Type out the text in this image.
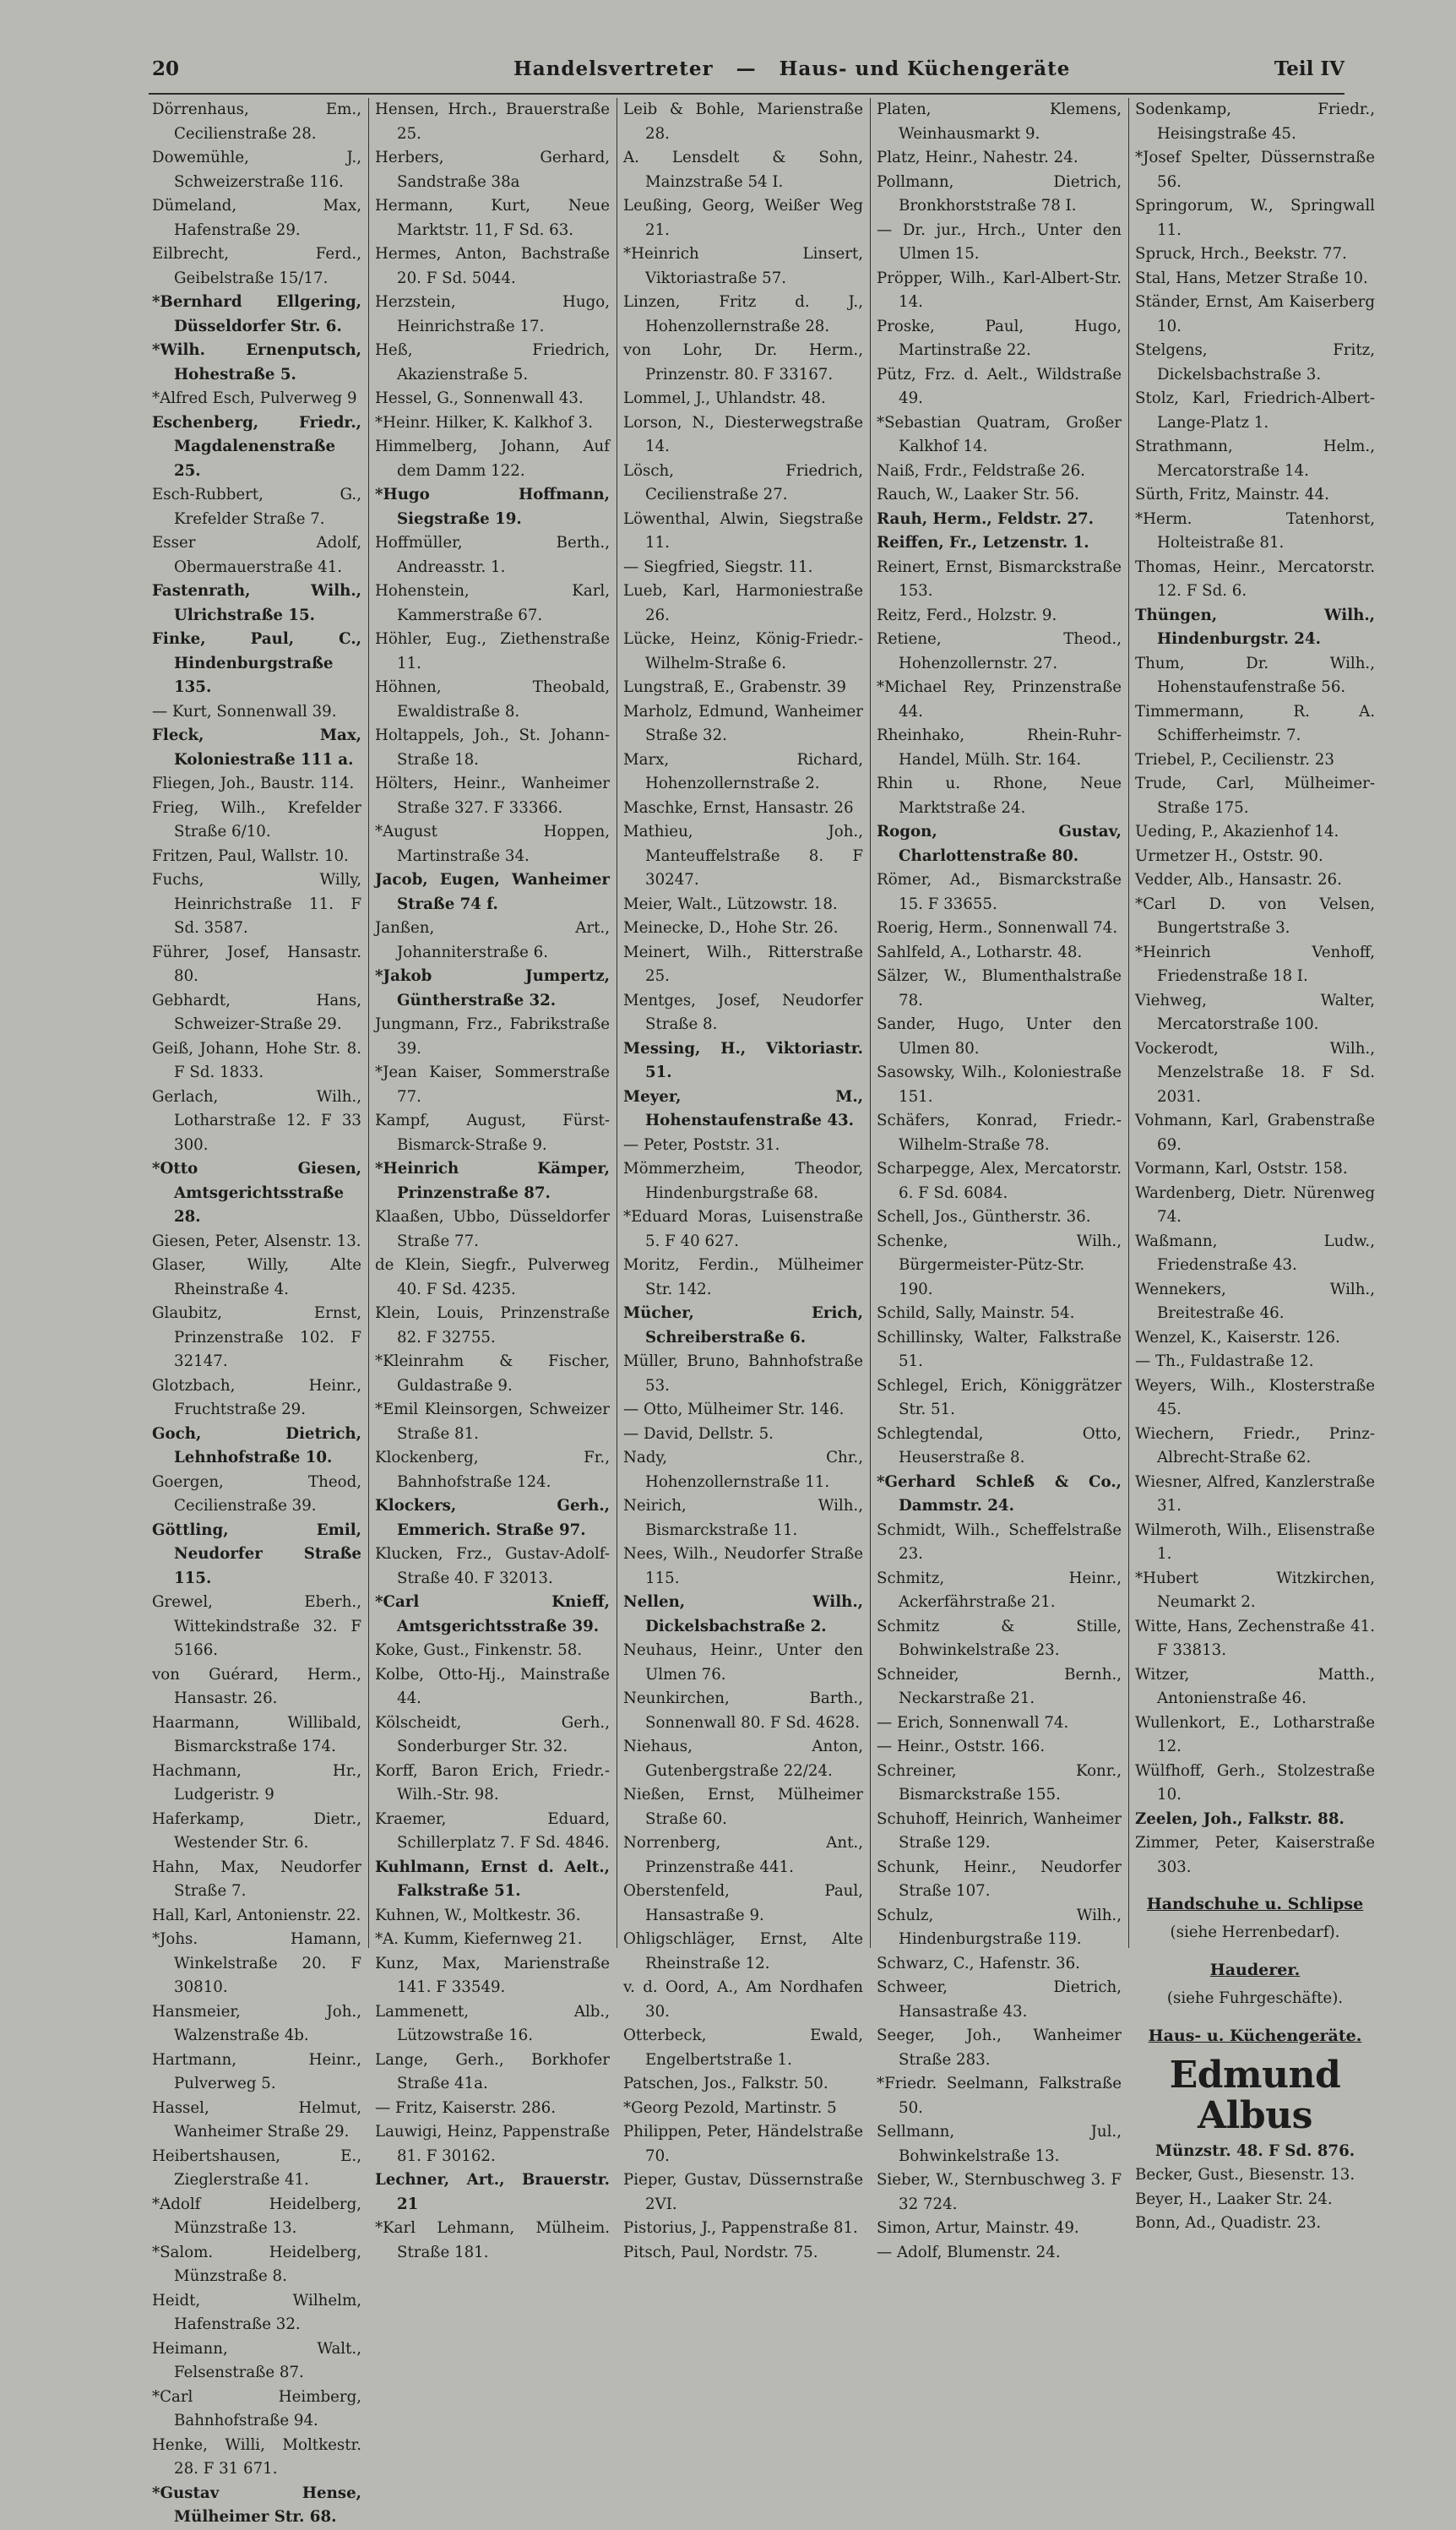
20	Handelsvertreter — Haus- und Küchengeräte	Teil IV

Dörrenhaus, Em., Cecilienstraße 28.

Dowemühle, J., Schweizerstraße 116.

Dümeland, Max, Hafenstraße 29.

Eilbrecht, Ferd., Geibelstraße 15/17.

*Bernhard Ellgering, Düsseldorfer Str. 6.

*Wilh. Ernenputsch, Hohestraße 5.

*Alfred Esch, Pulverweg 9

Eschenberg, Friedr., Magdalenenstraße 25.

Esch-Rubbert, G., Krefelder Straße 7.

Esser Adolf, Obermauerstraße 41.

Fastenrath, Wilh., Ulrichstraße 15.

Finke, Paul, C., Hindenburgstraße 135.

— Kurt, Sonnenwall 39.

Fleck, Max, Koloniestraße 111 a.

Fliegen, Joh., Baustr. 114.

Frieg, Wilh., Krefelder Straße 6/10.

Fritzen, Paul, Wallstr. 10.

Fuchs, Willy, Heinrichstraße 11. F Sd. 3587.

Führer, Josef, Hansastr. 80.

Gebhardt, Hans, Schweizer-Straße 29.

Geiß, Johann, Hohe Str. 8. F Sd. 1833.

Gerlach, Wilh., Lotharstraße 12. F 33 300.

*Otto Giesen, Amtsgerichtsstraße 28.

Giesen, Peter, Alsenstr. 13.

Glaser, Willy, Alte Rheinstraße 4.

Glaubitz, Ernst, Prinzenstraße 102. F 32147.

Glotzbach, Heinr., Fruchtstraße 29.

Goch, Dietrich, Lehnhofstraße 10.

Goergen, Theod, Cecilienstraße 39.

Göttling, Emil, Neudorfer Straße 115.

Grewel, Eberh., Wittekindstraße 32. F 5166.

von Guérard, Herm., Hansastr. 26.

Haarmann, Willibald, Bismarckstraße 174.

Hachmann, Hr., Ludgeristr. 9

Haferkamp, Dietr., Westender Str. 6.

Hahn, Max, Neudorfer Straße 7.

Hall, Karl, Antonienstr. 22.

*Johs. Hamann, Winkelstraße 20. F 30810.

Hansmeier, Joh., Walzenstraße 4b.

Hartmann, Heinr., Pulverweg 5.

Hassel, Helmut, Wanheimer Straße 29.

Heibertshausen, E., Zieglerstraße 41.

*Adolf Heidelberg, Münzstraße 13.

*Salom. Heidelberg, Münzstraße 8.

Heidt, Wilhelm, Hafenstraße 32.

Heimann, Walt., Felsenstraße 87.

*Carl Heimberg, Bahnhofstraße 94.

Henke, Willi, Moltkestr. 28. F 31 671.

*Gustav Hense, Mülheimer Str. 68.

Hensen, Hrch., Brauerstraße 25.

Herbers, Gerhard, Sandstraße 38a

Hermann, Kurt, Neue Marktstr. 11, F Sd. 63.

Hermes, Anton, Bachstraße 20. F Sd. 5044.

Herzstein, Hugo, Heinrichstraße 17.

Heß, Friedrich, Akazienstraße 5.

Hessel, G., Sonnenwall 43.

*Heinr. Hilker, K. Kalkhof 3.

Himmelberg, Johann, Auf dem Damm 122.

*Hugo Hoffmann, Siegstraße 19.

Hoffmüller, Berth., Andreasstr. 1.

Hohenstein, Karl, Kammerstraße 67.

Höhler, Eug., Ziethenstraße 11.

Höhnen, Theobald, Ewaldistraße 8.

Holtappels, Joh., St. Johann-Straße 18.

Hölters, Heinr., Wanheimer Straße 327. F 33366.

*August Hoppen, Martinstraße 34.

Jacob, Eugen, Wanheimer Straße 74 f.

Janßen, Art., Johanniterstraße 6.

*Jakob Jumpertz, Güntherstraße 32.

Jungmann, Frz., Fabrikstraße 39.

*Jean Kaiser, Sommerstraße 77.

Kampf, August, Fürst-Bismarck-Straße 9.

*Heinrich Kämper, Prinzenstraße 87.

Klaaßen, Ubbo, Düsseldorfer Straße 77.

de Klein, Siegfr., Pulverweg 40. F Sd. 4235.

Klein, Louis, Prinzenstraße 82. F 32755.

*Kleinrahm & Fischer, Guldastraße 9.

*Emil Kleinsorgen, Schweizer Straße 81.

Klockenberg, Fr., Bahnhofstraße 124.

Klockers, Gerh., Emmerich. Straße 97.

Klucken, Frz., Gustav-Adolf-Straße 40. F 32013.

*Carl Knieff, Amtsgerichtsstraße 39.

Koke, Gust., Finkenstr. 58.

Kolbe, Otto-Hj., Mainstraße 44.

Kölscheidt, Gerh., Sonderburger Str. 32.

Korff, Baron Erich, Friedr.-Wilh.-Str. 98.

Kraemer, Eduard, Schillerplatz 7. F Sd. 4846.

Kuhlmann, Ernst d. Aelt., Falkstraße 51.

Kuhnen, W., Moltkestr. 36.

*A. Kumm, Kiefernweg 21.

Kunz, Max, Marienstraße 141. F 33549.

Lammenett, Alb., Lützowstraße 16.

Lange, Gerh., Borkhofer Straße 41a.

— Fritz, Kaiserstr. 286.

Lauwigi, Heinz, Pappenstraße 81. F 30162.

Lechner, Art., Brauerstr. 21

*Karl Lehmann, Mülheim. Straße 181.

Leib & Bohle, Marienstraße 28.

A. Lensdelt & Sohn, Mainzstraße 54 I.

Leußing, Georg, Weißer Weg 21.

*Heinrich Linsert, Viktoriastraße 57.

Linzen, Fritz d. J., Hohenzollernstraße 28.

von Lohr, Dr. Herm., Prinzenstr. 80. F 33167.

Lommel, J., Uhlandstr. 48.

Lorson, N., Diesterwegstraße 14.

Lösch, Friedrich, Cecilienstraße 27.

Löwenthal, Alwin, Siegstraße 11.

— Siegfried, Siegstr. 11.

Lueb, Karl, Harmoniestraße 26.

Lücke, Heinz, König-Friedr.-Wilhelm-Straße 6.

Lungstraß, E., Grabenstr. 39

Marholz, Edmund, Wanheimer Straße 32.

Marx, Richard, Hohenzollernstraße 2.

Maschke, Ernst, Hansastr. 26

Mathieu, Joh., Manteuffelstraße 8. F 30247.

Meier, Walt., Lützowstr. 18.

Meinecke, D., Hohe Str. 26.

Meinert, Wilh., Ritterstraße 25.

Mentges, Josef, Neudorfer Straße 8.

Messing, H., Viktoriastr. 51.

Meyer, M., Hohenstaufenstraße 43.

— Peter, Poststr. 31.

Mömmerzheim, Theodor, Hindenburgstraße 68.

*Eduard Moras, Luisenstraße 5. F 40 627.

Moritz, Ferdin., Mülheimer Str. 142.

Mücher, Erich, Schreiberstraße 6.

Müller, Bruno, Bahnhofstraße 53.

— Otto, Mülheimer Str. 146.

— David, Dellstr. 5.

Nady, Chr., Hohenzollernstraße 11.

Neirich, Wilh., Bismarckstraße 11.

Nees, Wilh., Neudorfer Straße 115.

Nellen, Wilh., Dickelsbachstraße 2.

Neuhaus, Heinr., Unter den Ulmen 76.

Neunkirchen, Barth., Sonnenwall 80. F Sd. 4628.

Niehaus, Anton, Gutenbergstraße 22/24.

Nießen, Ernst, Mülheimer Straße 60.

Norrenberg, Ant., Prinzenstraße 441.

Oberstenfeld, Paul, Hansastraße 9.

Ohligschläger, Ernst, Alte Rheinstraße 12.

v. d. Oord, A., Am Nordhafen 30.

Otterbeck, Ewald, Engelbertstraße 1.

Patschen, Jos., Falkstr. 50.

*Georg Pezold, Martinstr. 5

Philippen, Peter, Händelstraße 70.

Pieper, Gustav, Düssernstraße 2VI.

Pistorius, J., Pappenstraße 81.

Pitsch, Paul, Nordstr. 75.

Platen, Klemens, Weinhausmarkt 9.

Platz, Heinr., Nahestr. 24.

Pollmann, Dietrich, Bronkhorststraße 78 I.

— Dr. jur., Hrch., Unter den Ulmen 15.

Pröpper, Wilh., Karl-Albert-Str. 14.

Proske, Paul, Hugo, Martinstraße 22.

Pütz, Frz. d. Aelt., Wildstraße 49.

*Sebastian Quatram, Großer Kalkhof 14.

Naiß, Frdr., Feldstraße 26.

Rauch, W., Laaker Str. 56.

Rauh, Herm., Feldstr. 27.

Reiffen, Fr., Letzenstr. 1.

Reinert, Ernst, Bismarckstraße 153.

Reitz, Ferd., Holzstr. 9.

Retiene, Theod., Hohenzollernstr. 27.

*Michael Rey, Prinzenstraße 44.

Rheinhako, Rhein-Ruhr-Handel, Mülh. Str. 164.

Rhin u. Rhone, Neue Marktstraße 24.

Rogon, Gustav, Charlottenstraße 80.

Römer, Ad., Bismarckstraße 15. F 33655.

Roerig, Herm., Sonnenwall 74.

Sahlfeld, A., Lotharstr. 48.

Sälzer, W., Blumenthalstraße 78.

Sander, Hugo, Unter den Ulmen 80.

Sasowsky, Wilh., Koloniestraße 151.

Schäfers, Konrad, Friedr.-Wilhelm-Straße 78.

Scharpegge, Alex, Mercatorstr. 6. F Sd. 6084.

Schell, Jos., Güntherstr. 36.

Schenke, Wilh., Bürgermeister-Pütz-Str. 190.

Schild, Sally, Mainstr. 54.

Schillinsky, Walter, Falkstraße 51.

Schlegel, Erich, Königgrätzer Str. 51.

Schlegtendal, Otto, Heuserstraße 8.

*Gerhard Schleß & Co., Dammstr. 24.

Schmidt, Wilh., Scheffelstraße 23.

Schmitz, Heinr., Ackerfährstraße 21.

Schmitz & Stille, Bohwinkelstraße 23.

Schneider, Bernh., Neckarstraße 21.

— Erich, Sonnenwall 74.

— Heinr., Oststr. 166.

Schreiner, Konr., Bismarckstraße 155.

Schuhoff, Heinrich, Wanheimer Straße 129.

Schunk, Heinr., Neudorfer Straße 107.

Schulz, Wilh., Hindenburgstraße 119.

Schwarz, C., Hafenstr. 36.

Schweer, Dietrich, Hansastraße 43.

Seeger, Joh., Wanheimer Straße 283.

*Friedr. Seelmann, Falkstraße 50.

Sellmann, Jul., Bohwinkelstraße 13.

Sieber, W., Sternbuschweg 3. F 32 724.

Simon, Artur, Mainstr. 49.

— Adolf, Blumenstr. 24.

Sodenkamp, Friedr., Heisingstraße 45.

*Josef Spelter, Düssernstraße 56.

Springorum, W., Springwall 11.

Spruck, Hrch., Beekstr. 77.

Stal, Hans, Metzer Straße 10.

Ständer, Ernst, Am Kaiserberg 10.

Stelgens, Fritz, Dickelsbachstraße 3.

Stolz, Karl, Friedrich-Albert-Lange-Platz 1.

Strathmann, Helm., Mercatorstraße 14.

Sürth, Fritz, Mainstr. 44.

*Herm. Tatenhorst, Holteistraße 81.

Thomas, Heinr., Mercatorstr. 12. F Sd. 6.

Thüngen, Wilh., Hindenburgstr. 24.

Thum, Dr. Wilh., Hohenstaufenstraße 56.

Timmermann, R. A. Schifferheimstr. 7.

Triebel, P., Cecilienstr. 23

Trude, Carl, Mülheimer-Straße 175.

Ueding, P., Akazienhof 14.

Urmetzer H., Oststr. 90.

Vedder, Alb., Hansastr. 26.

*Carl D. von Velsen, Bungertstraße 3.

*Heinrich Venhoff, Friedenstraße 18 I.

Viehweg, Walter, Mercatorstraße 100.

Vockerodt, Wilh., Menzelstraße 18. F Sd. 2031.

Vohmann, Karl, Grabenstraße 69.

Vormann, Karl, Oststr. 158.

Wardenberg, Dietr. Nürenweg 74.

Waßmann, Ludw., Friedenstraße 43.

Wennekers, Wilh., Breitestraße 46.

Wenzel, K., Kaiserstr. 126.

— Th., Fuldastraße 12.

Weyers, Wilh., Klosterstraße 45.

Wiechern, Friedr., Prinz-Albrecht-Straße 62.

Wiesner, Alfred, Kanzlerstraße 31.

Wilmeroth, Wilh., Elisenstraße 1.

*Hubert Witzkirchen, Neumarkt 2.

Witte, Hans, Zechenstraße 41. F 33813.

Witzer, Matth., Antonienstraße 46.

Wullenkort, E., Lotharstraße 12.

Wülfhoff, Gerh., Stolzestraße 10.

Zeelen, Joh., Falkstr. 88.

Zimmer, Peter, Kaiserstraße 303.

Handschuhe u. Schlipse
(siehe Herrenbedarf).
Hauderer.
(siehe Fuhrgeschäfte).
Haus- u. Küchengeräte.
Edmund Albus
Münzstr. 48. F Sd. 876.

Becker, Gust., Biesenstr. 13.

Beyer, H., Laaker Str. 24.

Bonn, Ad., Quadistr. 23.
